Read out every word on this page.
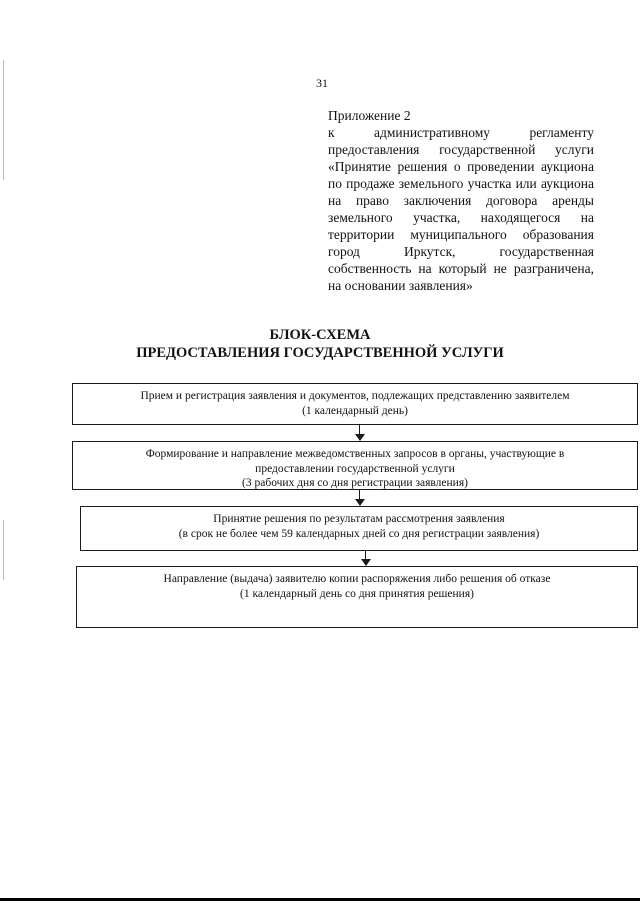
31
Приложение 2
к административному регламенту предоставления государственной услуги «Принятие решения о проведении аукциона по продаже земельного участка или аукциона на право заключения договора аренды земельного участка, находящегося на территории муниципального образования город Иркутск, государственная собственность на который не разграничена, на основании заявления»
БЛОК-СХЕМА
ПРЕДОСТАВЛЕНИЯ ГОСУДАРСТВЕННОЙ УСЛУГИ
Прием и регистрация заявления и документов, подлежащих представлению заявителем
(1 календарный день)
Формирование и направление межведомственных запросов в органы, участвующие в
предоставлении государственной услуги
(3 рабочих дня со дня регистрации заявления)
Принятие решения по результатам рассмотрения заявления
(в срок не более чем 59 календарных дней со дня регистрации заявления)
Направление (выдача) заявителю копии распоряжения либо решения об отказе
(1 календарный день со дня принятия решения)
